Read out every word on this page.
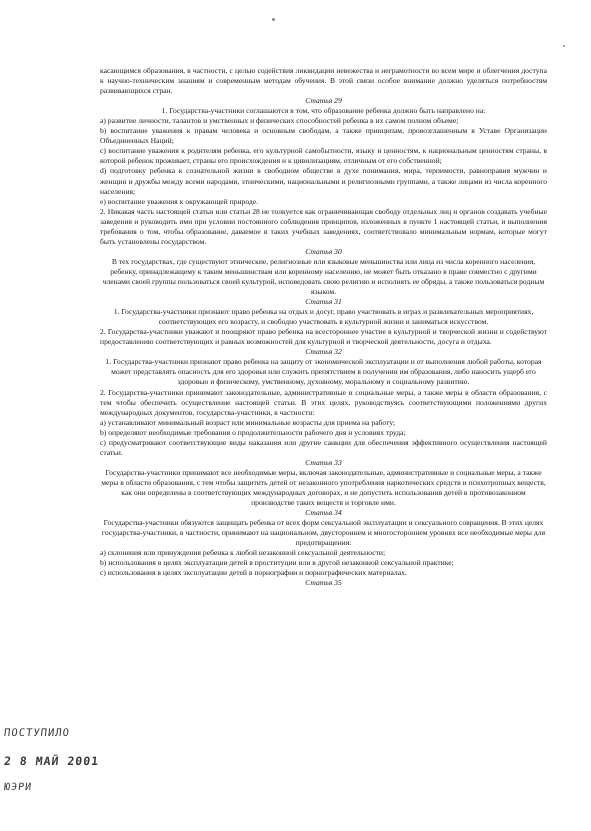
касающимся образования, в частности, с целью содействия ликвидации невежества и неграмотности во всем мире и облегчения доступа к научно-техническим знаниям и современным методам обучения. В этой связи особое внимание должно уделяться потребностям развивающихся стран.

Статья 29

1. Государства-участники соглашаются в том, что образование ребенка должно быть направлено на:

а) развитие личности, талантов и умственных и физических способностей ребенка в их самом полном объеме;

b) воспитание уважения к правам человека и основным свободам, а также принципам, провозглашенным в Уставе Организации Объединенных Наций;

c) воспитание уважения к родителям ребенка, его культурной самобытности, языку и ценностям, к национальным ценностям страны, в которой ребенок проживает, страны его происхождения и к цивилизациям, отличным от его собственной;

d) подготовку ребенка к сознательной жизни в свободном обществе в духе понимания, мира, терпимости, равноправия мужчин и женщин и дружбы между всеми народами, этническими, национальными и религиозными группами, а также лицами из числа коренного населения;

e) воспитание уважения к окружающей природе.

2. Никакая часть настоящей статьи или статьи 28 не толкуется как ограничивающая свободу отдельных лиц и органов создавать учебные заведения и руководить ими при условии постоянного соблюдения принципов, изложенных в пункте 1 настоящей статьи, и выполнения требования о том, чтобы образование, даваемое в таких учебных заведениях, соответствовало минимальным нормам, которые могут быть установлены государством.

Статья 30

В тех государствах, где существуют этнические, религиозные или языковые меньшинства или лица из числа коренного населения, ребенку, принадлежащему к таким меньшинствам или коренному населению, не может быть отказано в праве совместно с другими членами своей группы пользоваться своей культурой, исповедовать свою религию и исполнять ее обряды, а также пользоваться родным языком.

Статья 31

1. Государства-участники признают право ребенка на отдых и досуг, право участвовать в играх и развлекательных мероприятиях, соответствующих его возрасту, и свободно участвовать в культурной жизни и заниматься искусством.

2. Государства-участники уважают и поощряют право ребенка на всестороннее участие в культурной и творческой жизни и содействуют предоставлению соответствующих и равных возможностей для культурной и творческой деятельности, досуга и отдыха.

Статья 32

1. Государства-участники признают право ребенка на защиту от экономической эксплуатации и от выполнения любой работы, которая может представлять опасность для его здоровья или служить препятствием в получении им образования, либо наносить ущерб его здоровью и физическому, умственному, духовному, моральному и социальному развитию.

2. Государства-участники принимают законодательные, административные и социальные меры, а также меры в области образования, с тем чтобы обеспечить осуществление настоящей статьи. В этих целях, руководствуясь соответствующими положениями других международных документов, государства-участники, в частности:

а) устанавливают минимальный возраст или минимальные возрасты для приема на работу;

b) определяют необходимые требования о продолжительности рабочего дня и условиях труда;

c) предусматривают соответствующие виды наказания или другие санкции для обеспечения эффективного осуществления настоящей статьи.

Статья 33

Государства-участники принимают все необходимые меры, включая законодательные, административные и социальные меры, а также меры в области образования, с тем чтобы защитить детей от незаконного употребления наркотических средств и психотропных веществ, как они определены в соответствующих международных договорах, и не допустить использования детей в противозаконном производстве таких веществ и торговле ими.

Статья 34

Государства-участники обязуются защищать ребенка от всех форм сексуальной эксплуатации и сексуального совращения. В этих целях государства-участники, в частности, принимают на национальном, двустороннем и многостороннем уровнях все необходимые меры для предотвращения:

а) склонения или принуждения ребенка к любой незаконной сексуальной деятельности;

b) использования в целях эксплуатации детей в проституции или в другой незаконной сексуальной практике;

c) использования в целях эксплуатации детей в порнографии и порнографических материалах.

Статья 35

ПОСТУПИЛО
2 8 МАЙ 2001
ЮЭРИ
